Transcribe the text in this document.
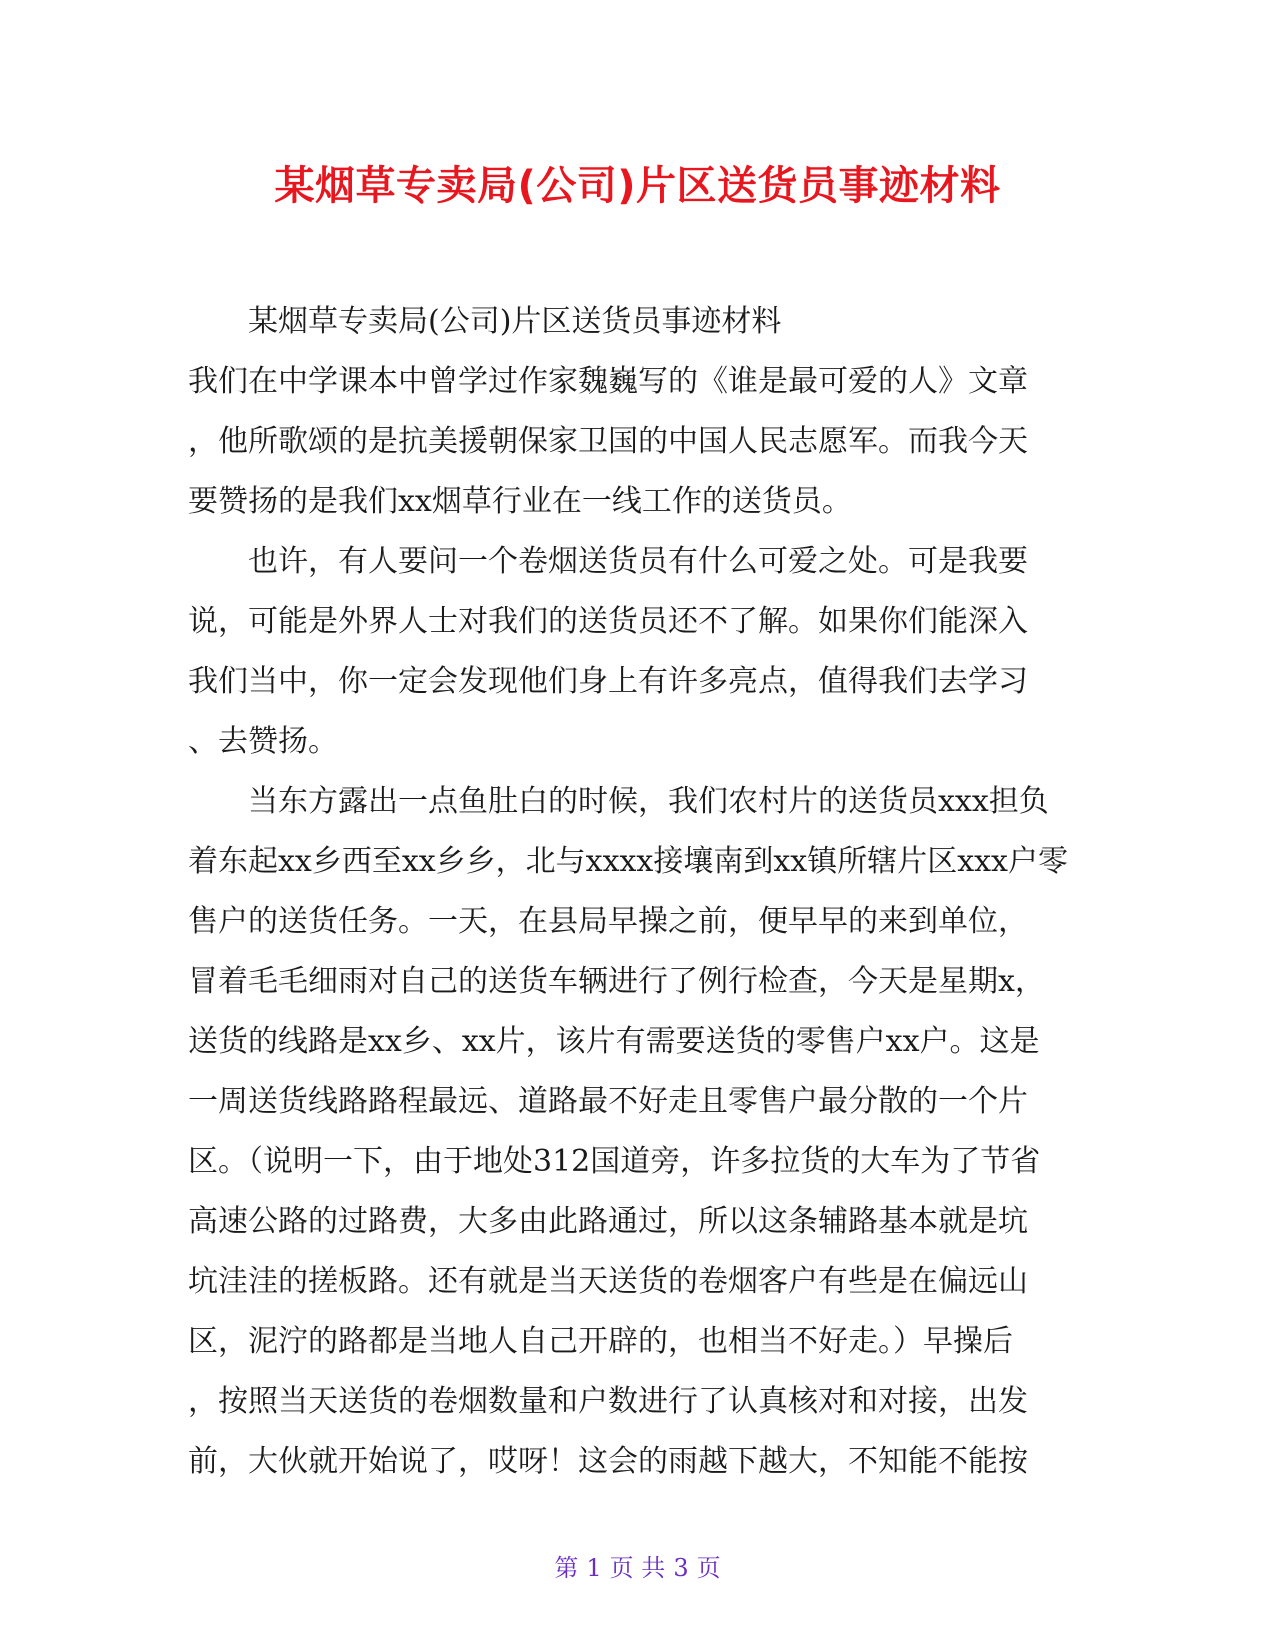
某烟草专卖局(公司)片区送货员事迹材料
某烟草专卖局(公司)片区送货员事迹材料
我们在中学课本中曾学过作家魏巍写的《谁是最可爱的人》文章
，他所歌颂的是抗美援朝保家卫国的中国人民志愿军。而我今天
要赞扬的是我们xx烟草行业在一线工作的送货员。
也许，有人要问一个卷烟送货员有什么可爱之处。可是我要
说，可能是外界人士对我们的送货员还不了解。如果你们能深入
我们当中，你一定会发现他们身上有许多亮点，值得我们去学习
、去赞扬。
当东方露出一点鱼肚白的时候，我们农村片的送货员xxx担负
着东起xx乡西至xx乡乡，北与xxxx接壤南到xx镇所辖片区xxx户零
售户的送货任务。一天，在县局早操之前，便早早的来到单位，
冒着毛毛细雨对自己的送货车辆进行了例行检查，今天是星期x，
送货的线路是xx乡、xx片，该片有需要送货的零售户xx户。这是
一周送货线路路程最远、道路最不好走且零售户最分散的一个片
区。（说明一下，由于地处312国道旁，许多拉货的大车为了节省
高速公路的过路费，大多由此路通过，所以这条辅路基本就是坑
坑洼洼的搓板路。还有就是当天送货的卷烟客户有些是在偏远山
区，泥泞的路都是当地人自己开辟的，也相当不好走。）早操后
，按照当天送货的卷烟数量和户数进行了认真核对和对接，出发
前，大伙就开始说了，哎呀！这会的雨越下越大，不知能不能按
第 1 页 共 3 页
